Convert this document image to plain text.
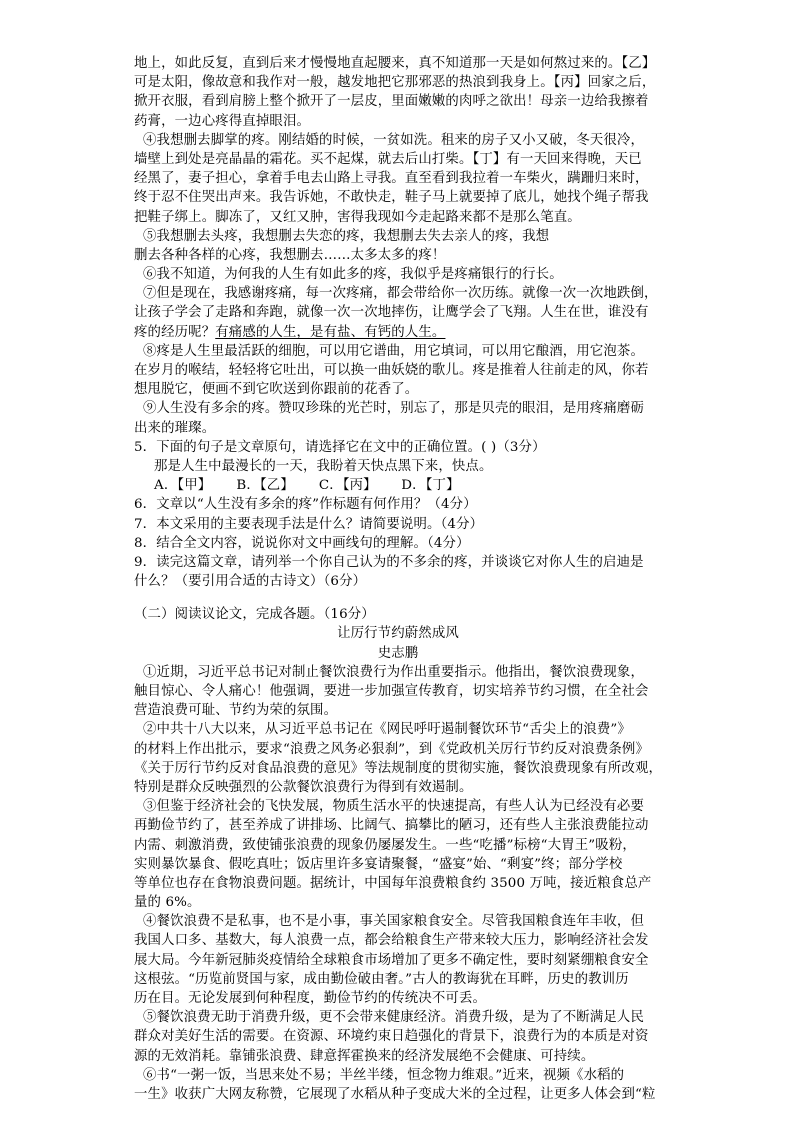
地上，如此反复，直到后来才慢慢地直起腰来，真不知道那一天是如何熬过来的。【乙】
可是太阳，像故意和我作对一般，越发地把它那邪恶的热浪到我身上。【丙】回家之后，
掀开衣服，看到肩膀上整个掀开了一层皮，里面嫩嫩的肉呼之欲出！母亲一边给我擦着
药膏，一边心疼得直掉眼泪。
④我想删去脚掌的疼。刚结婚的时候，一贫如洗。租来的房子又小又破，冬天很冷，
墙壁上到处是亮晶晶的霜花。买不起煤，就去后山打柴。【丁】有一天回来得晚，天已
经黑了，妻子担心，拿着手电去山路上寻我。直至看到我拉着一车柴火，蹒跚归来时，
终于忍不住哭出声来。我告诉她，不敢快走，鞋子马上就要掉了底儿，她找个绳子帮我
把鞋子绑上。脚冻了，又红又肿，害得我现如今走起路来都不是那么笔直。
⑤我想删去头疼，我想删去失恋的疼，我想删去失去亲人的疼，我想
删去各种各样的心疼，我想删去……太多太多的疼！
⑥我不知道，为何我的人生有如此多的疼，我似乎是疼痛银行的行长。
⑦但是现在，我感谢疼痛，每一次疼痛，都会带给你一次历练。就像一次一次地跌倒，
让孩子学会了走路和奔跑，就像一次一次地摔伤，让鹰学会了飞翔。人生在世，谁没有
疼的经历呢？有痛感的人生，是有盐、有钙的人生。
⑧疼是人生里最活跃的细胞，可以用它谱曲，用它填词，可以用它酿酒，用它泡茶。
在岁月的喉结，轻轻将它吐出，可以换一曲妖娆的歌儿。疼是推着人往前走的风，你若
想甩脱它，便画不到它吹送到你跟前的花香了。
⑨人生没有多余的疼。赞叹珍珠的光芒时，别忘了，那是贝壳的眼泪，是用疼痛磨砺
出来的璀璨。
5．下面的句子是文章原句，请选择它在文中的正确位置。( )（3分）
那是人生中最漫长的一天，我盼着天快点黑下来，快点。
A．【甲】 B．【乙】 C．【丙】 D．【丁】
6．文章以“人生没有多余的疼”作标题有何作用？（4分）
7．本文采用的主要表现手法是什么？请简要说明。（4分）
8．结合全文内容，说说你对文中画线句的理解。（4分）
9．读完这篇文章，请列举一个你自己认为的不多余的疼，并谈谈它对你人生的启迪是
什么？（要引用合适的古诗文）（6分）
（二）阅读议论文，完成各题。（16分）
让厉行节约蔚然成风
史志鹏
①近期，习近平总书记对制止餐饮浪费行为作出重要指示。他指出，餐饮浪费现象，
触目惊心、令人痛心！他强调，要进一步加强宣传教育，切实培养节约习惯，在全社会
营造浪费可耻、节约为荣的氛围。
②中共十八大以来，从习近平总书记在《网民呼吁遏制餐饮环节“舌尖上的浪费”》
的材料上作出批示，要求“浪费之风务必狠刹”，到《党政机关厉行节约反对浪费条例》
《关于厉行节约反对食品浪费的意见》等法规制度的贯彻实施，餐饮浪费现象有所改观，
特别是群众反映强烈的公款餐饮浪费行为得到有效遏制。
③但鉴于经济社会的飞快发展，物质生活水平的快速提高，有些人认为已经没有必要
再勤俭节约了，甚至养成了讲排场、比阔气、搞攀比的陋习，还有些人主张浪费能拉动
内需、刺激消费，致使铺张浪费的现象仍屡屡发生。一些“吃播”标榜“大胃王”吸粉，
实则暴饮暴食、假吃真吐；饭店里许多宴请聚餐，“盛宴”始、“剩宴”终；部分学校
等单位也存在食物浪费问题。据统计，中国每年浪费粮食约 3500 万吨，接近粮食总产
量的 6%。
④餐饮浪费不是私事，也不是小事，事关国家粮食安全。尽管我国粮食连年丰收，但
我国人口多、基数大，每人浪费一点，都会给粮食生产带来较大压力，影响经济社会发
展大局。今年新冠肺炎疫情给全球粮食市场增加了更多不确定性，要时刻紧绷粮食安全
这根弦。“历览前贤国与家，成由勤俭破由奢。”古人的教诲犹在耳畔，历史的教训历
历在目。无论发展到何种程度，勤俭节约的传统决不可丢。
⑤餐饮浪费无助于消费升级，更不会带来健康经济。消费升级，是为了不断满足人民
群众对美好生活的需要。在资源、环境约束日趋强化的背景下，浪费行为的本质是对资
源的无效消耗。靠铺张浪费、肆意挥霍换来的经济发展绝不会健康、可持续。
⑥书“一粥一饭，当思来处不易；半丝半缕，恒念物力维艰。”近来，视频《水稻的
一生》收获广大网友称赞，它展现了水稻从种子变成大米的全过程，让更多人体会到“粒
